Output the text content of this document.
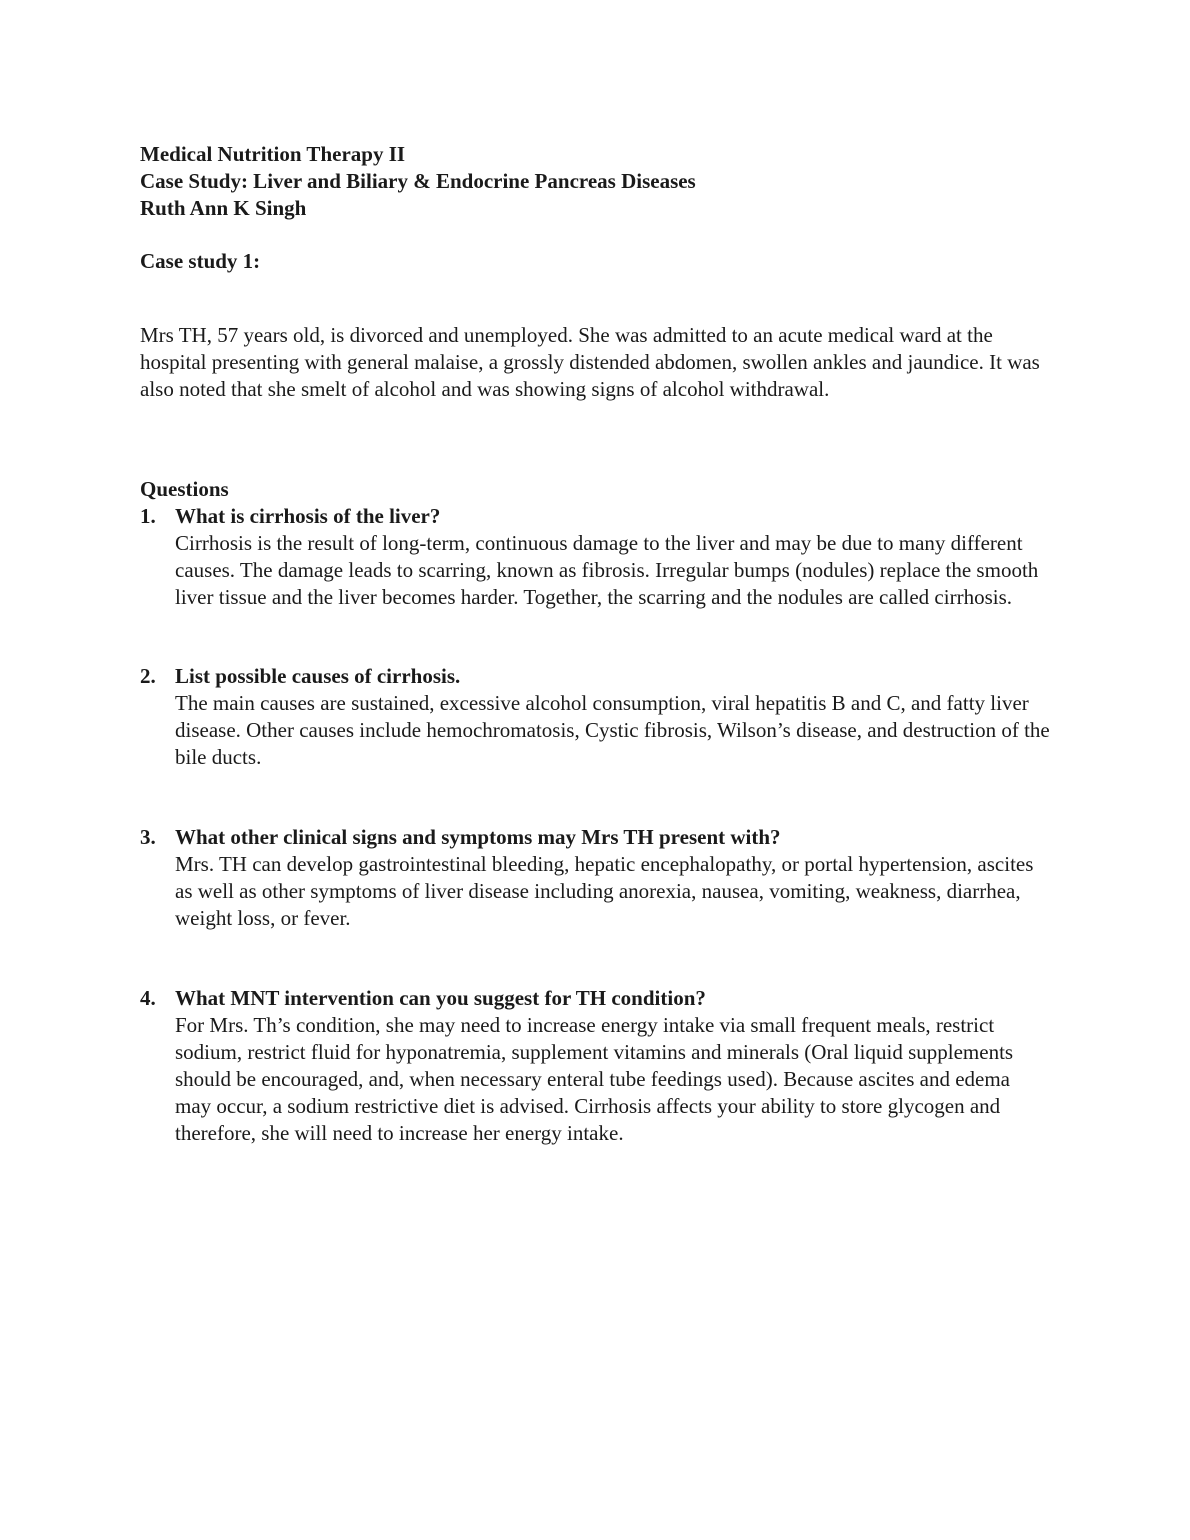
Medical Nutrition Therapy II
Case Study: Liver and Biliary & Endocrine Pancreas Diseases
Ruth Ann K Singh
Case study 1:
Mrs TH, 57 years old, is divorced and unemployed. She was admitted to an acute medical ward at the hospital presenting with general malaise, a grossly distended abdomen, swollen ankles and jaundice. It was also noted that she smelt of alcohol and was showing signs of alcohol withdrawal.
Questions
1. What is cirrhosis of the liver?
Cirrhosis is the result of long-term, continuous damage to the liver and may be due to many different causes. The damage leads to scarring, known as fibrosis. Irregular bumps (nodules) replace the smooth liver tissue and the liver becomes harder. Together, the scarring and the nodules are called cirrhosis.
2. List possible causes of cirrhosis.
The main causes are sustained, excessive alcohol consumption, viral hepatitis B and C, and fatty liver disease. Other causes include hemochromatosis, Cystic fibrosis, Wilson’s disease, and destruction of the bile ducts.
3. What other clinical signs and symptoms may Mrs TH present with?
Mrs. TH can develop gastrointestinal bleeding, hepatic encephalopathy, or portal hypertension, ascites as well as other symptoms of liver disease including anorexia, nausea, vomiting, weakness, diarrhea, weight loss, or fever.
4. What MNT intervention can you suggest for TH condition?
For Mrs. Th’s condition, she may need to increase energy intake via small frequent meals, restrict sodium, restrict fluid for hyponatremia, supplement vitamins and minerals (Oral liquid supplements should be encouraged, and, when necessary enteral tube feedings used). Because ascites and edema may occur, a sodium restrictive diet is advised. Cirrhosis affects your ability to store glycogen and therefore, she will need to increase her energy intake.
